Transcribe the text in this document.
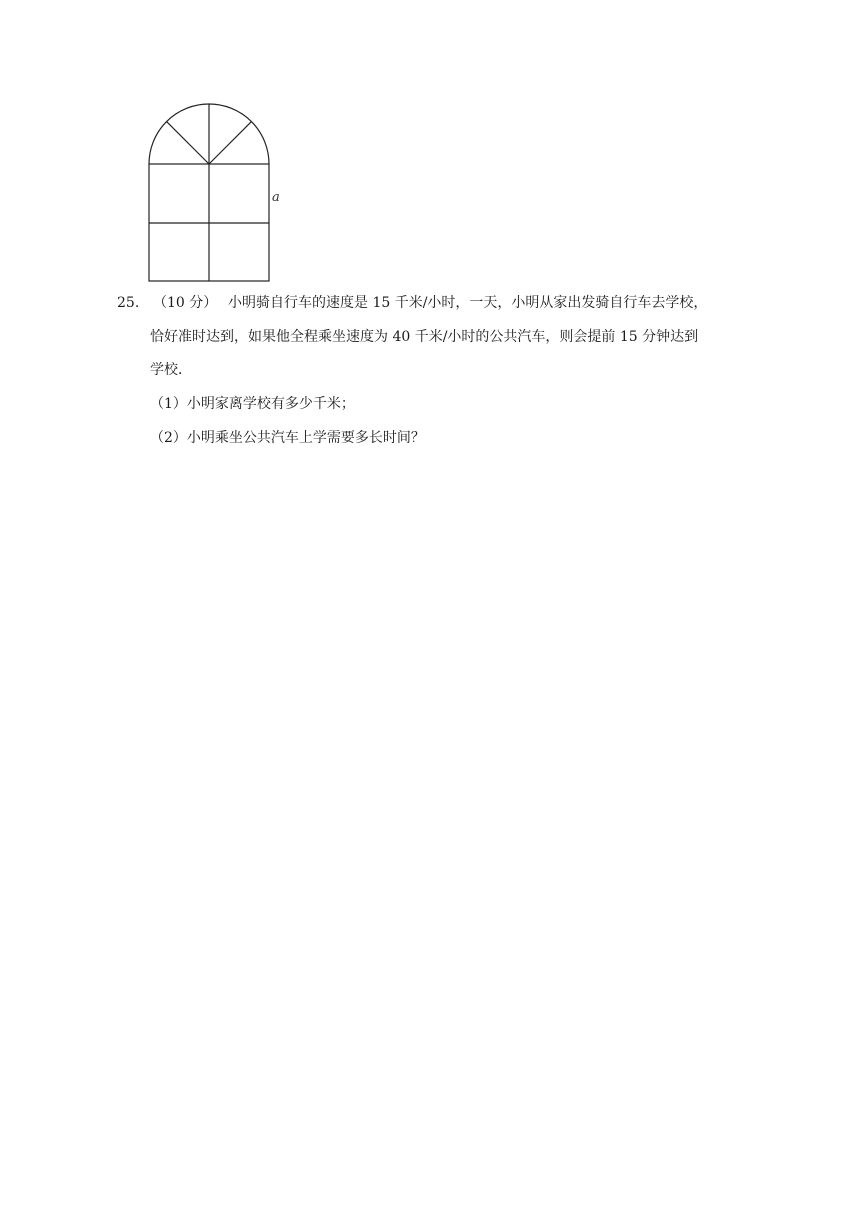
a
25. （10 分） 小明骑自行车的速度是 15 千米/小时，一天，小明从家出发骑自行车去学校，
恰好准时达到，如果他全程乘坐速度为 40 千米/小时的公共汽车，则会提前 15 分钟达到
学校．
（1）小明家离学校有多少千米；
（2）小明乘坐公共汽车上学需要多长时间？
